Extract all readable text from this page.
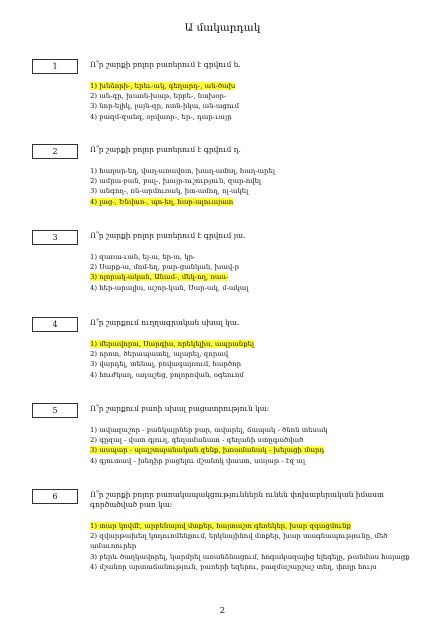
Ա մակարդակ
1	Ո՞ր շարքի բոլոր բառերում է գրվում ե.
1) խնձորի-, երեւ-ակ, գեղարդ-, ան-ծախ
2) ան-գր, խառն-խաթ, երբե-, նախօր-
3) նոր-ելիկ, լայն-զր, ոտն-իկա, ան-ացում
4) բազմ-զանգ, օրվաոր-, եր-, դար-ւայր
2	Ո՞ր շարքի բոլոր բառերում է գրվում ղ.
1) հաղար-եղ, վաղ-առավոտ, խաղ-ամող, հաղ-արել
2) ամրա-բան, բալ-, խայր-ուշություն, զար-ովել
3) անգող-, ոն-արմուռակ, իտ-ամող, ոլ-ակել
4) լաց-, Ենվառ-, պո-եղ, հար-ալուայատ
3	Ո՞ր շարքի բոլոր բառերում է գրվում յա.
1) զառա-ւան, եյ-ա, եր-ա, կր-
2) Սարք-ա, մոմ-եղ, բար-ցանկան, խավ-ր
3) ոլորակ-ական, Անամ-, մեկ-ող, ռաս-
4) հեր-արալիս, աշոր-կան, Սար-ակ, մ-ակալ
4	Ո՞ր շարքում ուղղագրական սխալ կա.
1) մերավորա, Սարգիս, որեկելիս, ապրանքել
2) որոտ, ծերապատել, ալարել, զորավ
3) վարդել, տենալ, բովագայռում, հարծոր
4) հուժկաղ, ադաշեց, բոլորովան, օգեուոմ
5	Ո՞ր շարքում բառի սխալ բացատրություն կա:
1) ավազաշոր - բանկայրներ բար, ավարել, ճապակ - ծնոն տեսակ
2) գըզալ - վատ գյուղ, գեղամանատ - գեղանի ստըգածված
3) ասպար - պայշտպանական զենք, խռամանակ - խելացի մարդ
4) գյուտավ - խնդիր բացելու մշանոկ փաստ, սայաթ - էզ ալ
6	Ո՞ր շարքի բոլոր բառակապակցություններն ունեն փոխաբերական իմաստ գործածված բառ կա:
1) տար կովմէ, արբենայով մտքեր, հայտաշտ գեռեկեր, խար զգացմունք
2) զվարթախեղ կոդուոմենքում, երկնայինով մտքեր, խար տագնապությունը, մեծ ամաւոուրեր
3) բերև ծաղկավորել, կարմրել առանձնացում, հոգակազայից ելեգելը, թանմաս հայացք
4) մշանոր արտաճանություն, բառերի եզերու, բազմաշարշաշ տեղ, փողր հույս
2
